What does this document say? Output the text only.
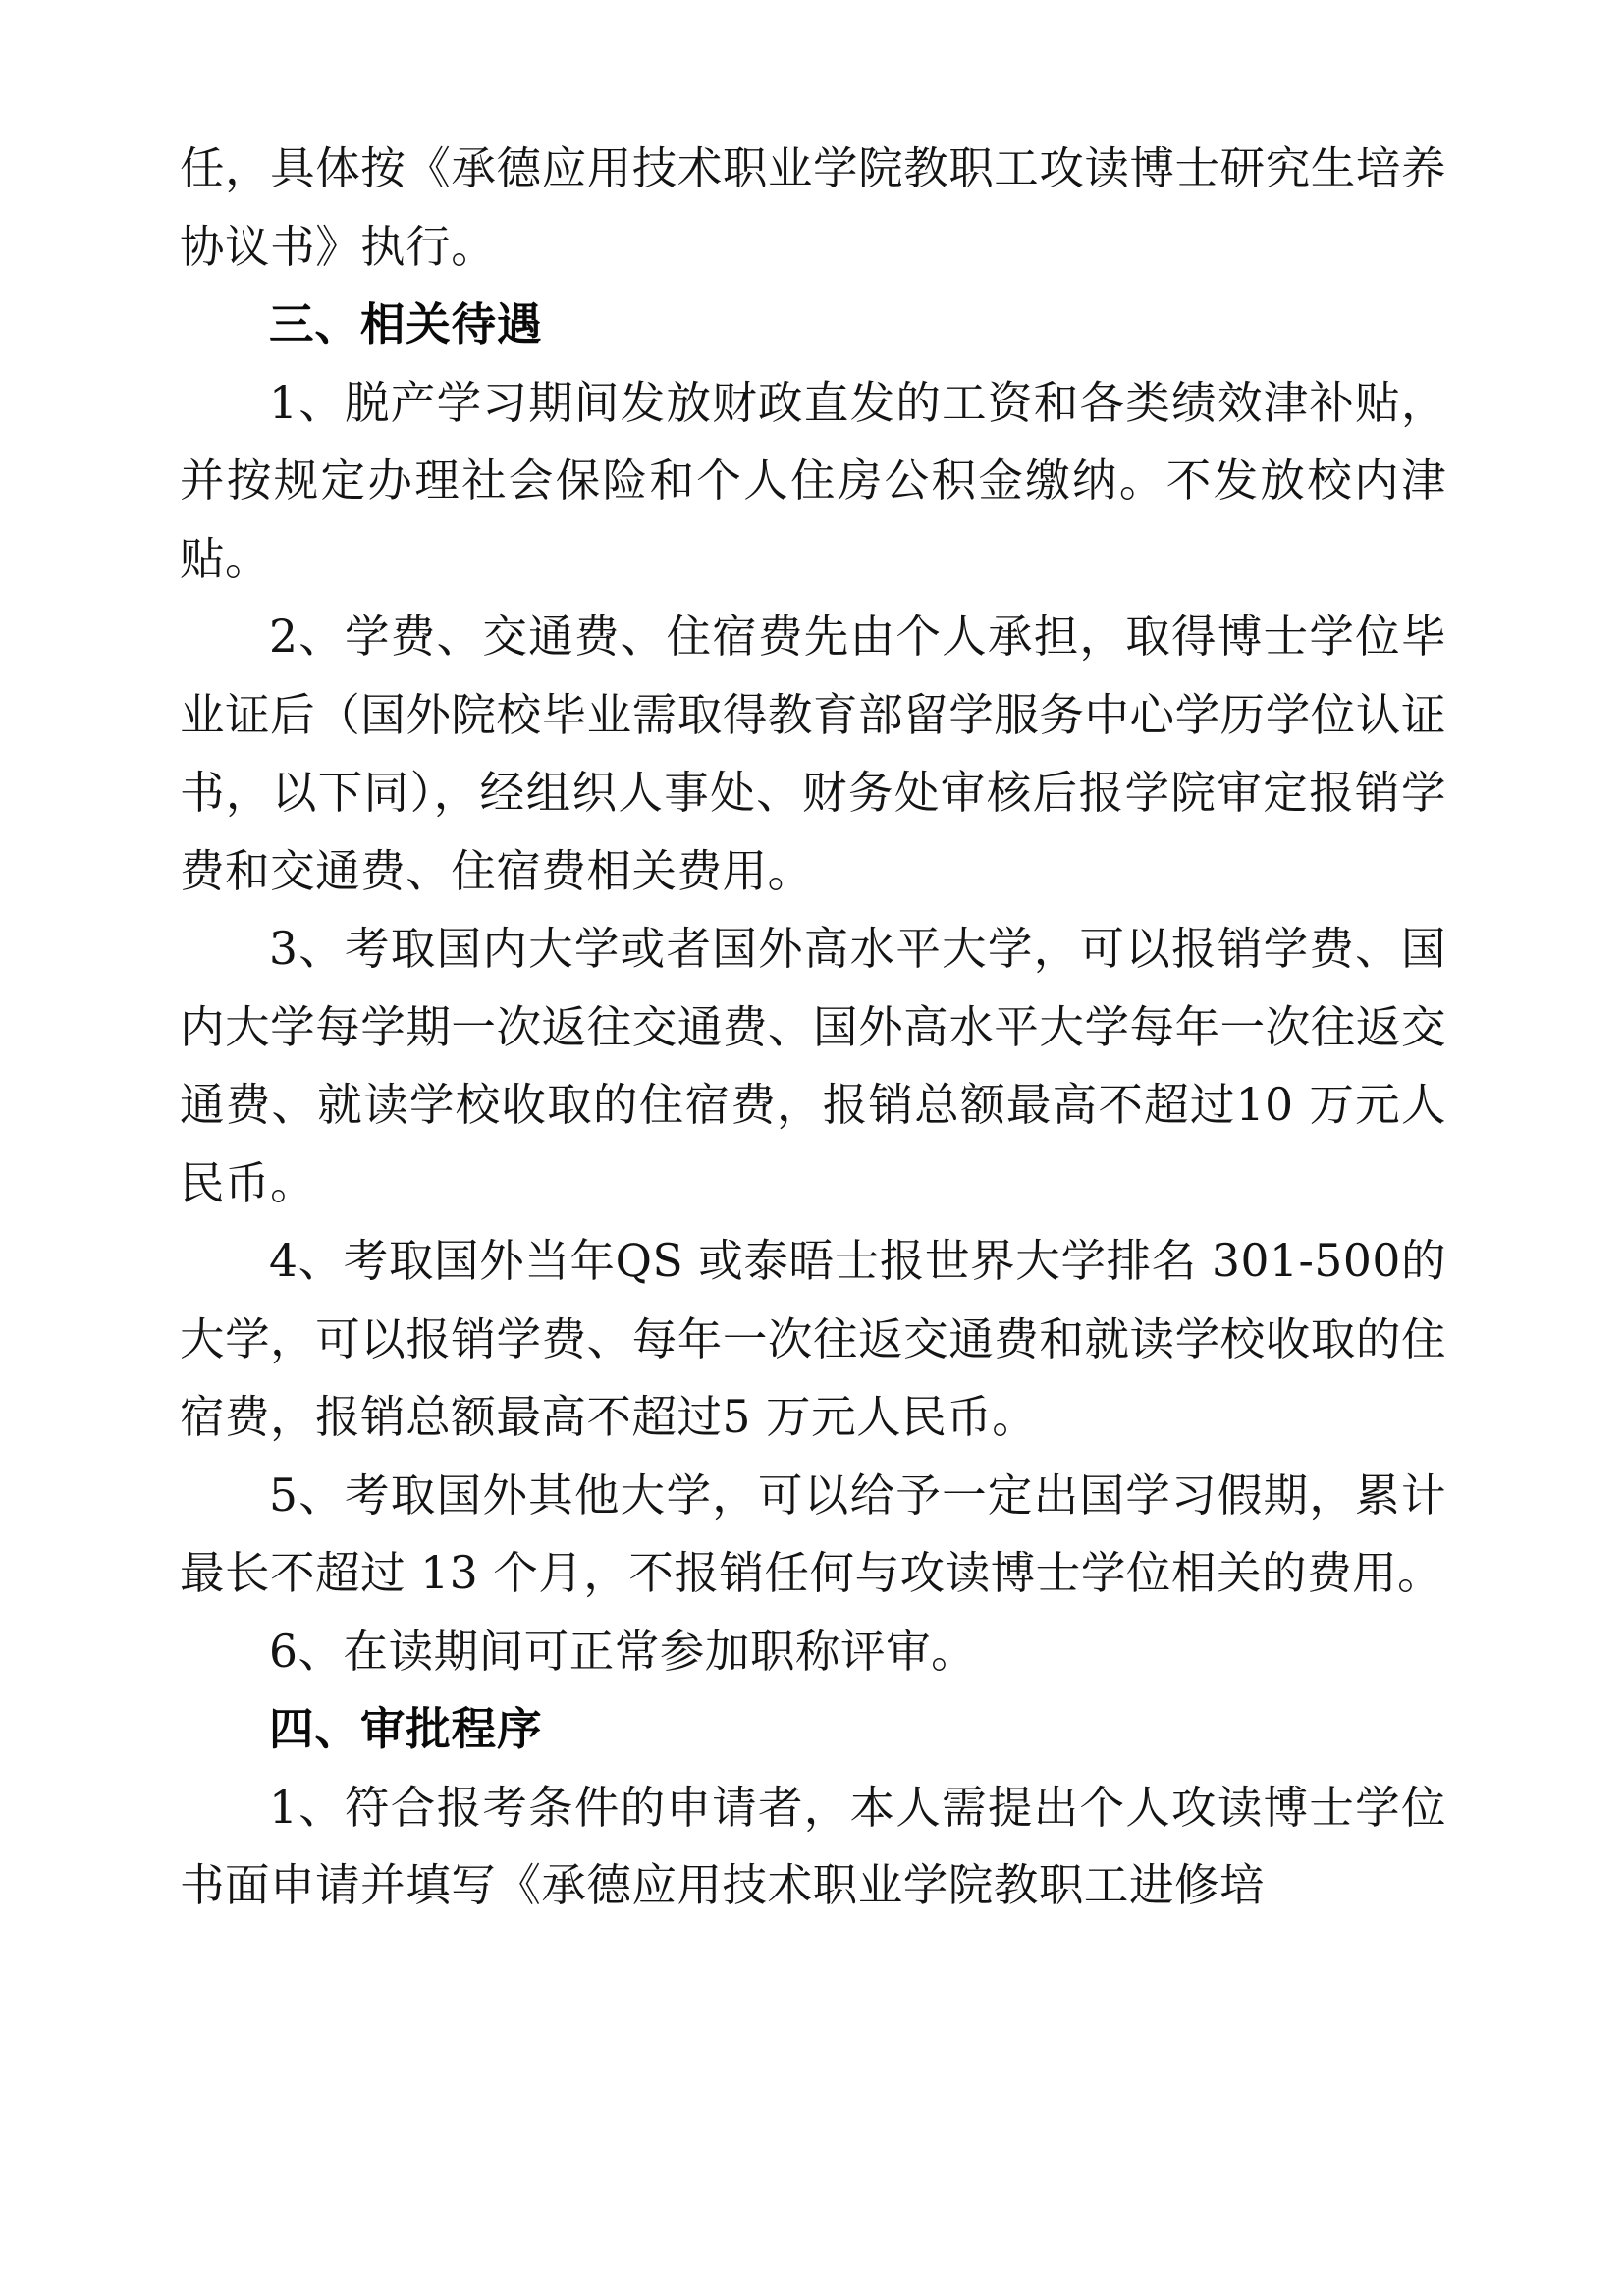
任，具体按《承德应用技术职业学院教职工攻读博士研究生培养协议书》执行。

三、相关待遇

1、脱产学习期间发放财政直发的工资和各类绩效津补贴，并按规定办理社会保险和个人住房公积金缴纳。不发放校内津贴。

2、学费、交通费、住宿费先由个人承担，取得博士学位毕业证后（国外院校毕业需取得教育部留学服务中心学历学位认证书，以下同），经组织人事处、财务处审核后报学院审定报销学费和交通费、住宿费相关费用。

3、考取国内大学或者国外高水平大学，可以报销学费、国内大学每学期一次返往交通费、国外高水平大学每年一次往返交通费、就读学校收取的住宿费，报销总额最高不超过10 万元人民币。

4、考取国外当年QS 或泰晤士报世界大学排名 301-500的大学，可以报销学费、每年一次往返交通费和就读学校收取的住宿费，报销总额最高不超过5 万元人民币。

5、考取国外其他大学，可以给予一定出国学习假期，累计最长不超过 13 个月，不报销任何与攻读博士学位相关的费用。

6、在读期间可正常参加职称评审。

四、审批程序

1、符合报考条件的申请者，本人需提出个人攻读博士学位书面申请并填写《承德应用技术职业学院教职工进修培
